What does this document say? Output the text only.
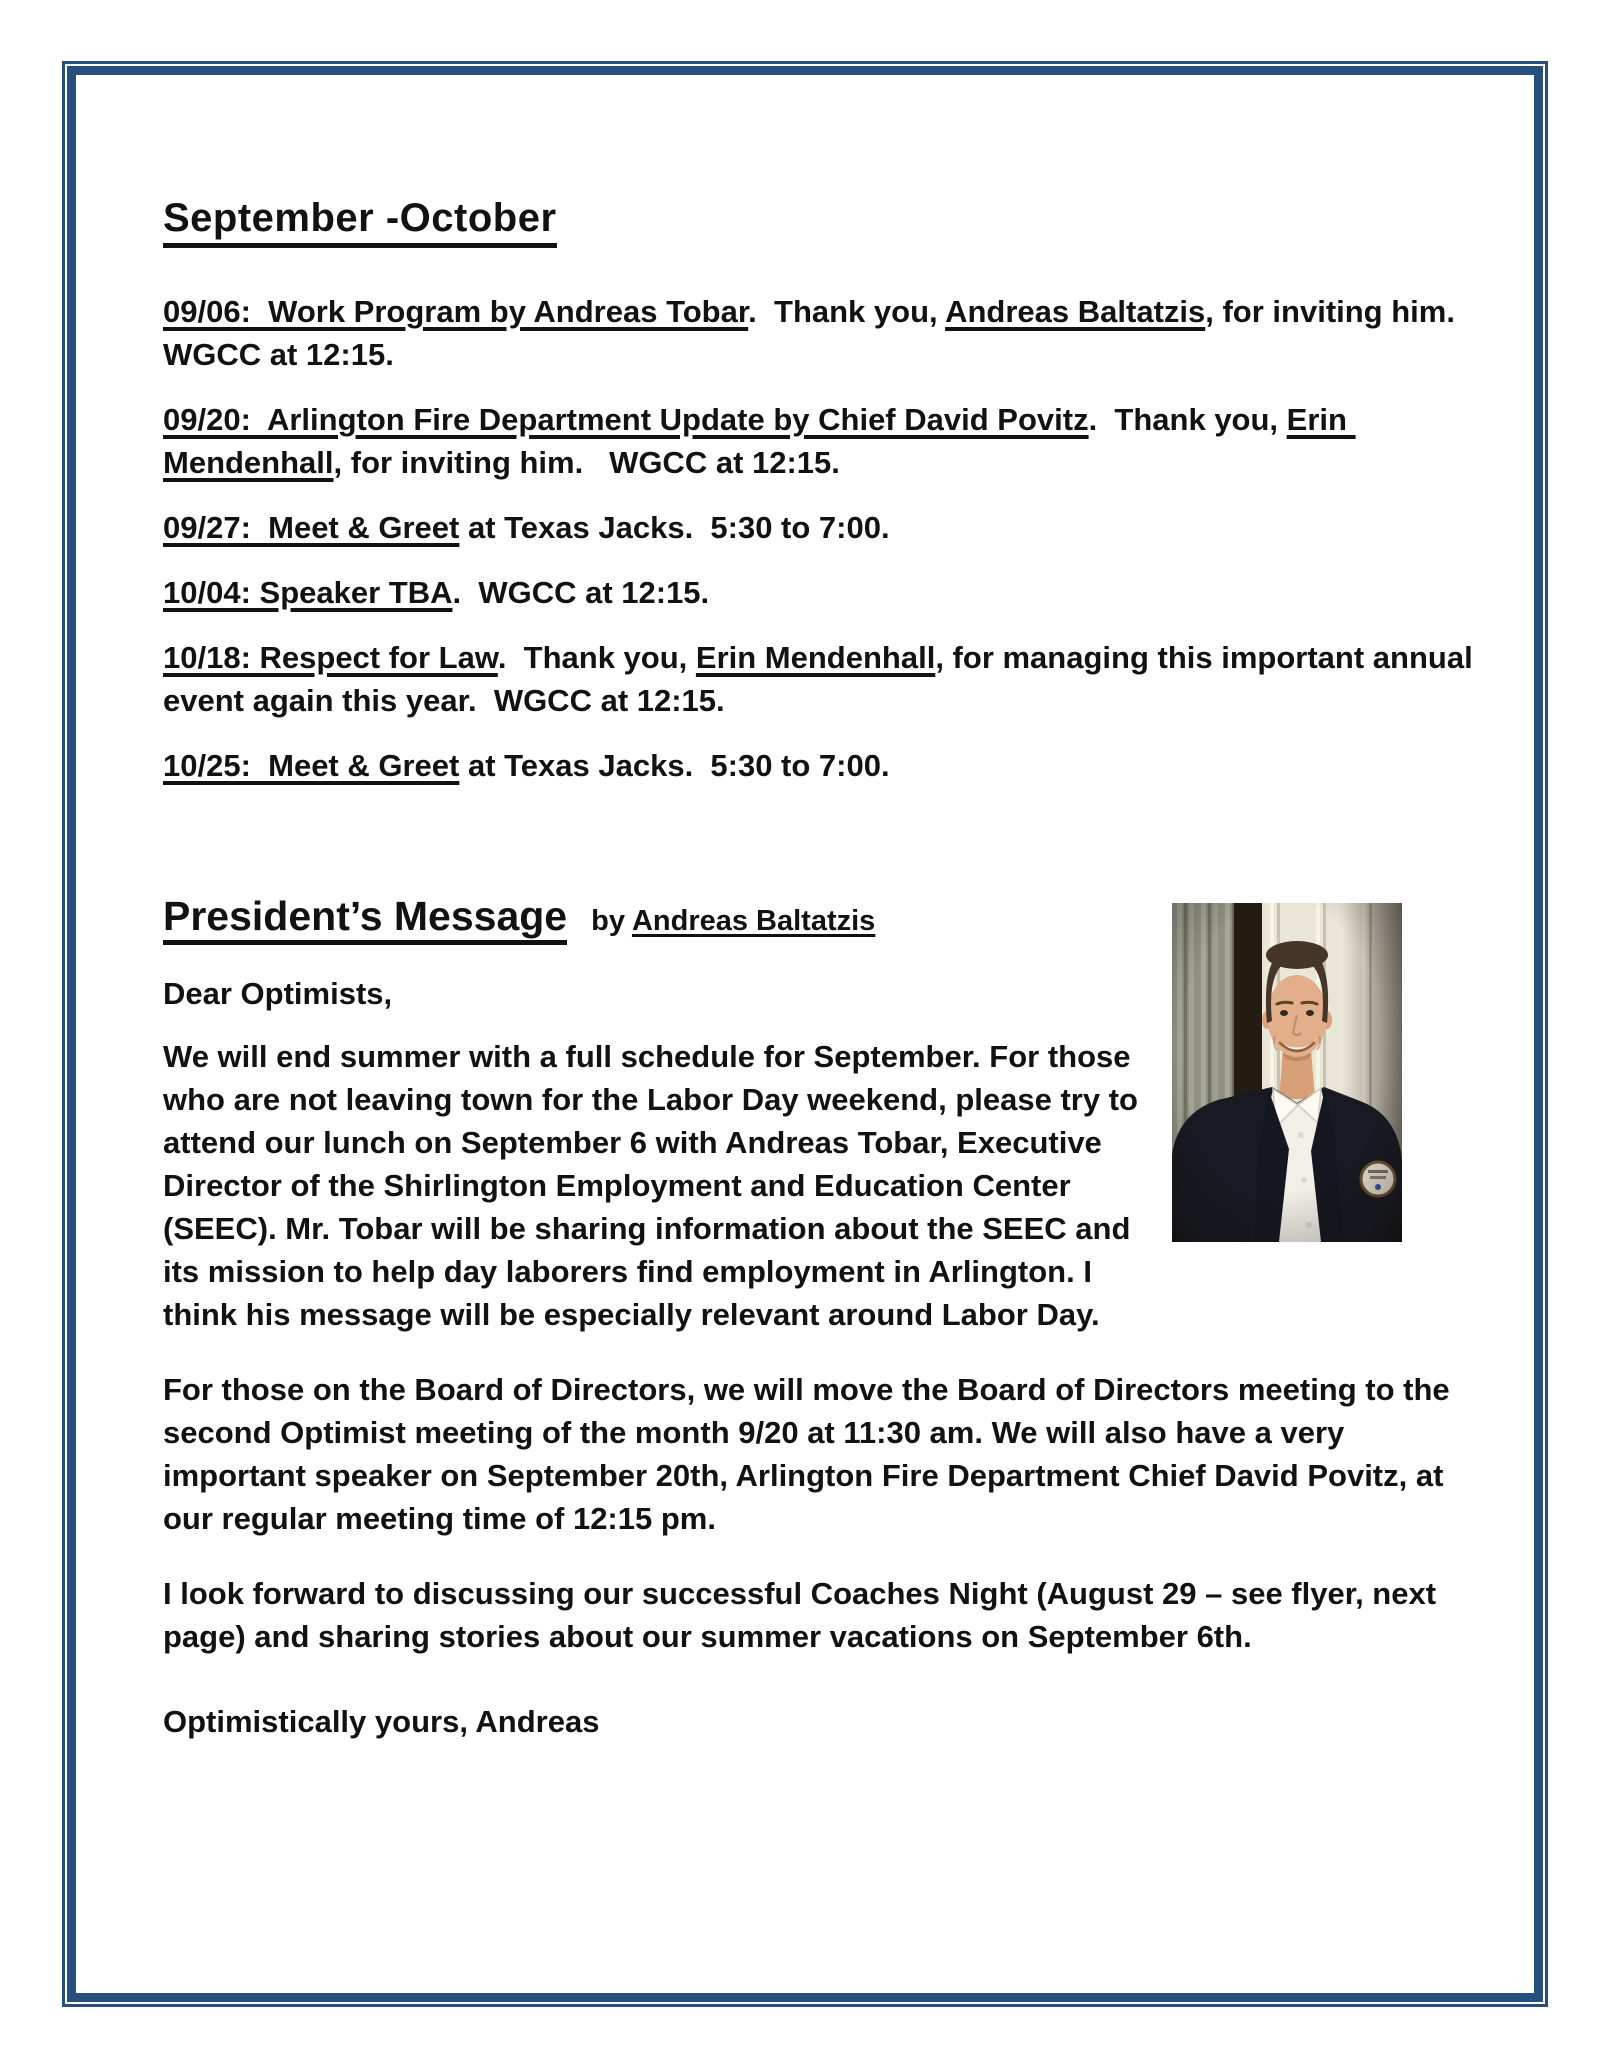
September -October

09/06:  Work Program by Andreas Tobar.  Thank you, Andreas Baltatzis, for inviting him.  WGCC at 12:15.

09/20:  Arlington Fire Department Update by Chief David Povitz.  Thank you, Erin Mendenhall, for inviting him.   WGCC at 12:15.

09/27:  Meet & Greet at Texas Jacks.  5:30 to 7:00.

10/04: Speaker TBA.  WGCC at 12:15.

10/18: Respect for Law.  Thank you, Erin Mendenhall, for managing this important annual event again this year.  WGCC at 12:15.

10/25:  Meet & Greet at Texas Jacks.  5:30 to 7:00.

President’s Message by Andreas Baltatzis

Dear Optimists,

We will end summer with a full schedule for September. For those who are not leaving town for the Labor Day weekend, please try to attend our lunch on September 6 with Andreas Tobar, Executive Director of the Shirlington Employment and Education Center (SEEC). Mr. Tobar will be sharing information about the SEEC and its mission to help day laborers find employment in Arlington. I think his message will be especially relevant around Labor Day.

For those on the Board of Directors, we will move the Board of Directors meeting to the second Optimist meeting of the month 9/20 at 11:30 am. We will also have a very important speaker on September 20th, Arlington Fire Department Chief David Povitz, at our regular meeting time of 12:15 pm.

I look forward to discussing our successful Coaches Night (August 29 – see flyer, next page) and sharing stories about our summer vacations on September 6th.

Optimistically yours, Andreas
